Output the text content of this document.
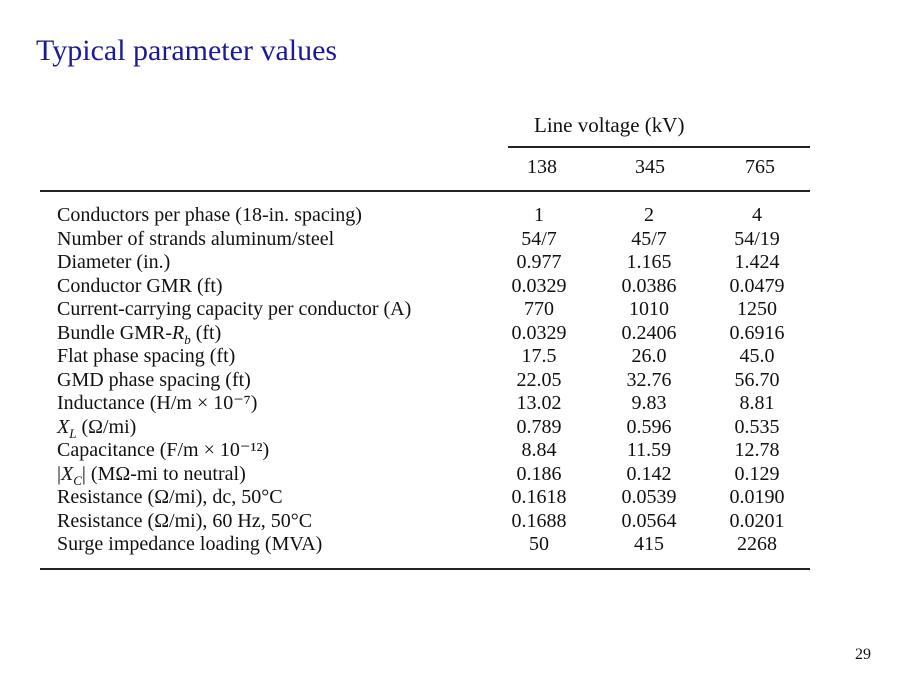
Typical parameter values
Line voltage (kV)
138	345	765
Conductors per phase (18-in. spacing)	1	2	4
Number of strands aluminum/steel	54/7	45/7	54/19
Diameter (in.)	0.977	1.165	1.424
Conductor GMR (ft)	0.0329	0.0386	0.0479
Current-carrying capacity per conductor (A)	770	1010	1250
Bundle GMR-$R_b$ (ft)	0.0329	0.2406	0.6916
Flat phase spacing (ft)	17.5	26.0	45.0
GMD phase spacing (ft)	22.05	32.76	56.70
Inductance (H/m × 10⁻⁷)	13.02	9.83	8.81
$X_L$ (Ω/mi)	0.789	0.596	0.535
Capacitance (F/m × 10⁻¹²)	8.84	11.59	12.78
$|X_C|$ (MΩ-mi to neutral)	0.186	0.142	0.129
Resistance (Ω/mi), dc, 50°C	0.1618	0.0539	0.0190
Resistance (Ω/mi), 60 Hz, 50°C	0.1688	0.0564	0.0201
Surge impedance loading (MVA)	50	415	2268
29
